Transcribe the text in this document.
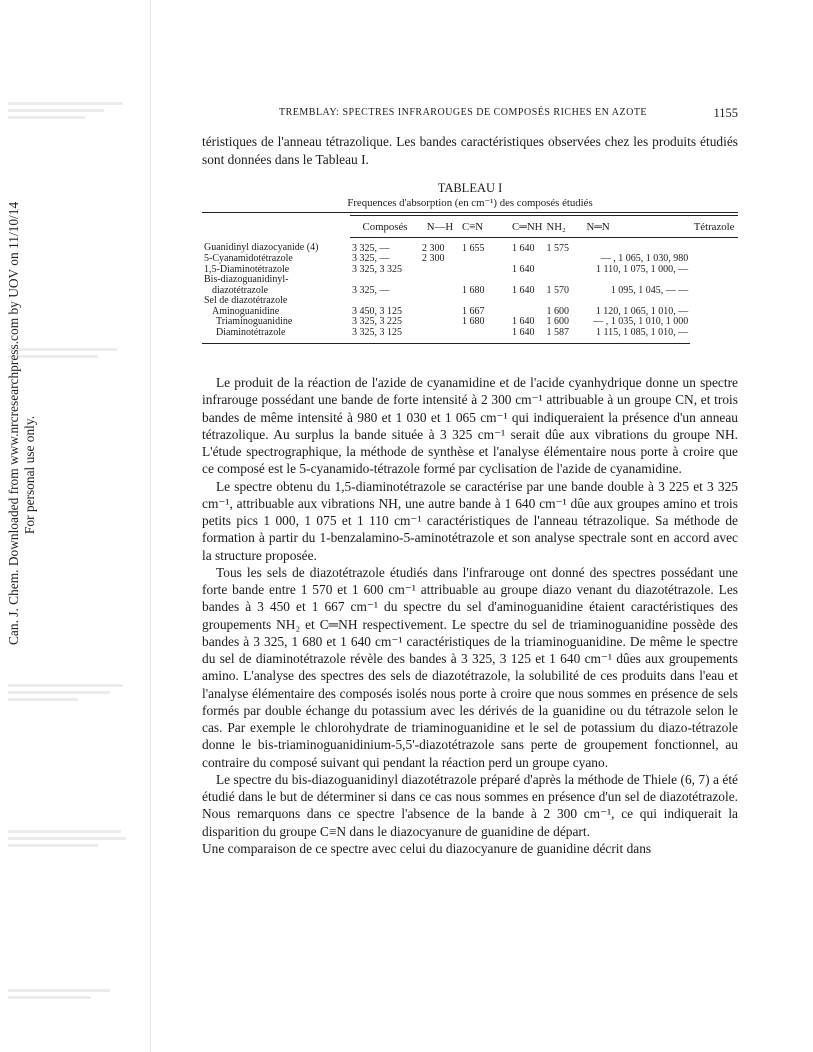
Can. J. Chem. Downloaded from www.nrcresearchpress.com by UOV on 11/10/14 For personal use only.
TREMBLAY: SPECTRES INFRAROUGES DE COMPOSÉS RICHES EN AZOTE	1155

téristiques de l'anneau tétrazolique. Les bandes caractéristiques observées chez les produits étudiés sont données dans le Tableau I.

TABLEAU I
Frequences d'absorption (en cm⁻¹) des composés étudiés
Composés	N—H	C≡N	C═NH	NH₂	N═N	Tétrazole
Guanidinyl diazocyanide (4)	3 325, —	2 300	1 655	1 640	1 575	
5-Cyanamidotétrazole	3 325, —	2 300				— , 1 065, 1 030, 980
1,5-Diaminotétrazole	3 325, 3 325			1 640		1 110, 1 075, 1 000, —
Bis-diazoguanidinyl-						
diazotétrazole	3 325, —		1 680	1 640	1 570	1 095, 1 045, — —
Sel de diazotétrazole						
Aminoguanidine	3 450, 3 125		1 667		1 600	1 120, 1 065, 1 010, —
Triaminoguanidine	3 325, 3 225		1 680	1 640	1 600	— , 1 035, 1 010, 1 000
Diaminotétrazole	3 325, 3 125			1 640	1 587	1 115, 1 085, 1 010, —

Le produit de la réaction de l'azide de cyanamidine et de l'acide cyanhydrique donne un spectre infrarouge possédant une bande de forte intensité à 2 300 cm⁻¹ attribuable à un groupe CN, et trois bandes de même intensité à 980 et 1 030 et 1 065 cm⁻¹ qui indiqueraient la présence d'un anneau tétrazolique. Au surplus la bande située à 3 325 cm⁻¹ serait dûe aux vibrations du groupe NH. L'étude spectrographique, la méthode de synthèse et l'analyse élémentaire nous porte à croire que ce composé est le 5-cyanamido-tétrazole formé par cyclisation de l'azide de cyanamidine.

Le spectre obtenu du 1,5-diaminotétrazole se caractérise par une bande double à 3 225 et 3 325 cm⁻¹, attribuable aux vibrations NH, une autre bande à 1 640 cm⁻¹ dûe aux groupes amino et trois petits pics 1 000, 1 075 et 1 110 cm⁻¹ caractéristiques de l'anneau tétrazolique. Sa méthode de formation à partir du 1-benzalamino-5-aminotétrazole et son analyse spectrale sont en accord avec la structure proposée.

Tous les sels de diazotétrazole étudiés dans l'infrarouge ont donné des spectres possédant une forte bande entre 1 570 et 1 600 cm⁻¹ attribuable au groupe diazo venant du diazotétrazole. Les bandes à 3 450 et 1 667 cm⁻¹ du spectre du sel d'aminoguanidine étaient caractéristiques des groupements NH₂ et C═NH respectivement. Le spectre du sel de triaminoguanidine possède des bandes à 3 325, 1 680 et 1 640 cm⁻¹ caractéristiques de la triaminoguanidine. De même le spectre du sel de diaminotétrazole révèle des bandes à 3 325, 3 125 et 1 640 cm⁻¹ dûes aux groupements amino. L'analyse des spectres des sels de diazotétrazole, la solubilité de ces produits dans l'eau et l'analyse élémentaire des composés isolés nous porte à croire que nous sommes en présence de sels formés par double échange du potassium avec les dérivés de la guanidine ou du tétrazole selon le cas. Par exemple le chlorohydrate de triaminoguanidine et le sel de potassium du diazo-tétrazole donne le bis-triaminoguanidinium-5,5'-diazotétrazole sans perte de groupement fonctionnel, au contraire du composé suivant qui pendant la réaction perd un groupe cyano.

Le spectre du bis-diazoguanidinyl diazotétrazole préparé d'après la méthode de Thiele (6, 7) a été étudié dans le but de déterminer si dans ce cas nous sommes en présence d'un sel de diazotétrazole. Nous remarquons dans ce spectre l'absence de la bande à 2 300 cm⁻¹, ce qui indiquerait la disparition du groupe C≡N dans le diazocyanure de guanidine de départ.

Une comparaison de ce spectre avec celui du diazocyanure de guanidine décrit dans
